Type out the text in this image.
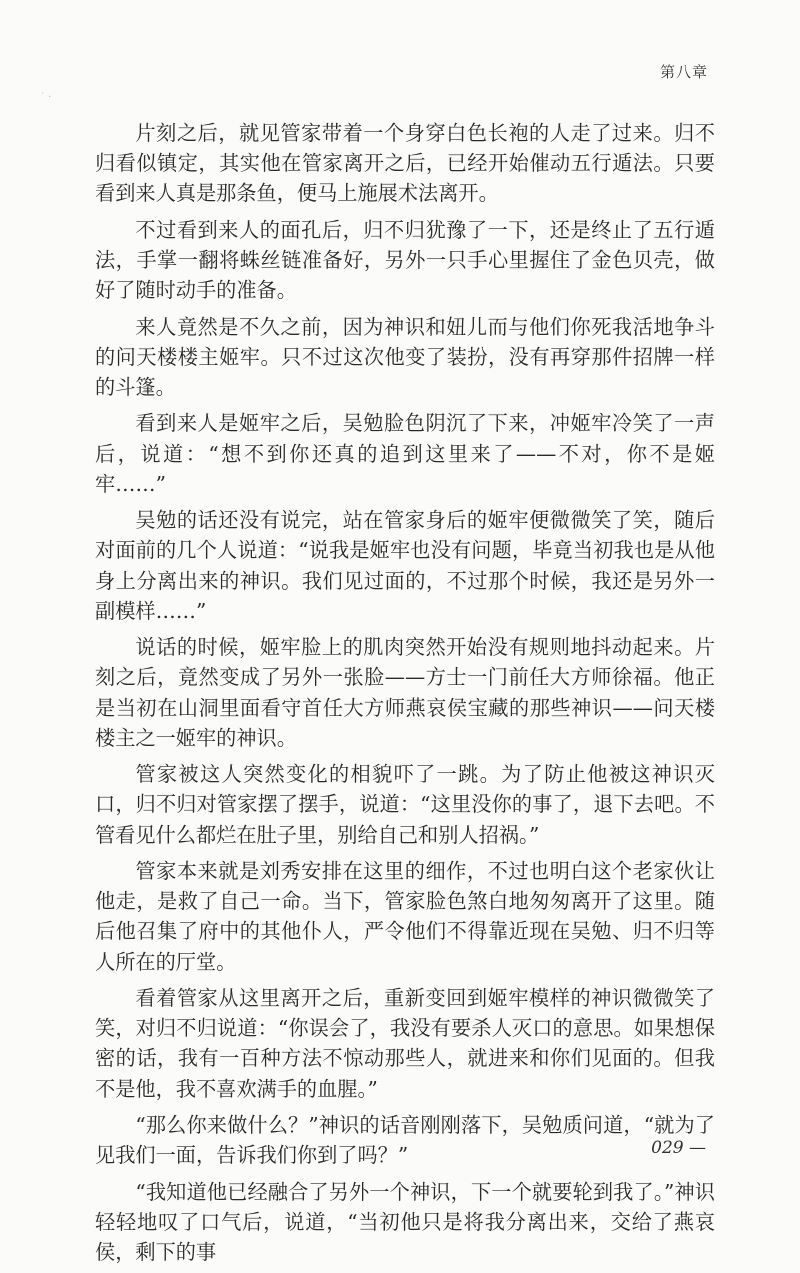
第八章
˙ ·

片刻之后，就见管家带着一个身穿白色长袍的人走了过来。归不归看似镇定，其实他在管家离开之后，已经开始催动五行遁法。只要看到来人真是那条鱼，便马上施展术法离开。

不过看到来人的面孔后，归不归犹豫了一下，还是终止了五行遁法，手掌一翻将蛛丝链准备好，另外一只手心里握住了金色贝壳，做好了随时动手的准备。

来人竟然是不久之前，因为神识和妞儿而与他们你死我活地争斗的问天楼楼主姬牢。只不过这次他变了装扮，没有再穿那件招牌一样的斗篷。

看到来人是姬牢之后，吴勉脸色阴沉了下来，冲姬牢冷笑了一声后，说道：“想不到你还真的追到这里来了——不对，你不是姬牢……”

吴勉的话还没有说完，站在管家身后的姬牢便微微笑了笑，随后对面前的几个人说道：“说我是姬牢也没有问题，毕竟当初我也是从他身上分离出来的神识。我们见过面的，不过那个时候，我还是另外一副模样……”

说话的时候，姬牢脸上的肌肉突然开始没有规则地抖动起来。片刻之后，竟然变成了另外一张脸——方士一门前任大方师徐福。他正是当初在山洞里面看守首任大方师燕哀侯宝藏的那些神识——问天楼楼主之一姬牢的神识。

管家被这人突然变化的相貌吓了一跳。为了防止他被这神识灭口，归不归对管家摆了摆手，说道：“这里没你的事了，退下去吧。不管看见什么都烂在肚子里，别给自己和别人招祸。”

管家本来就是刘秀安排在这里的细作，不过也明白这个老家伙让他走，是救了自己一命。当下，管家脸色煞白地匆匆离开了这里。随后他召集了府中的其他仆人，严令他们不得靠近现在吴勉、归不归等人所在的厅堂。

看着管家从这里离开之后，重新变回到姬牢模样的神识微微笑了笑，对归不归说道：“你误会了，我没有要杀人灭口的意思。如果想保密的话，我有一百种方法不惊动那些人，就进来和你们见面的。但我不是他，我不喜欢满手的血腥。”

“那么你来做什么？”神识的话音刚刚落下，吴勉质问道，“就为了见我们一面，告诉我们你到了吗？”

“我知道他已经融合了另外一个神识，下一个就要轮到我了。”神识轻轻地叹了口气后，说道，“当初他只是将我分离出来，交给了燕哀侯，剩下的事

029 —
